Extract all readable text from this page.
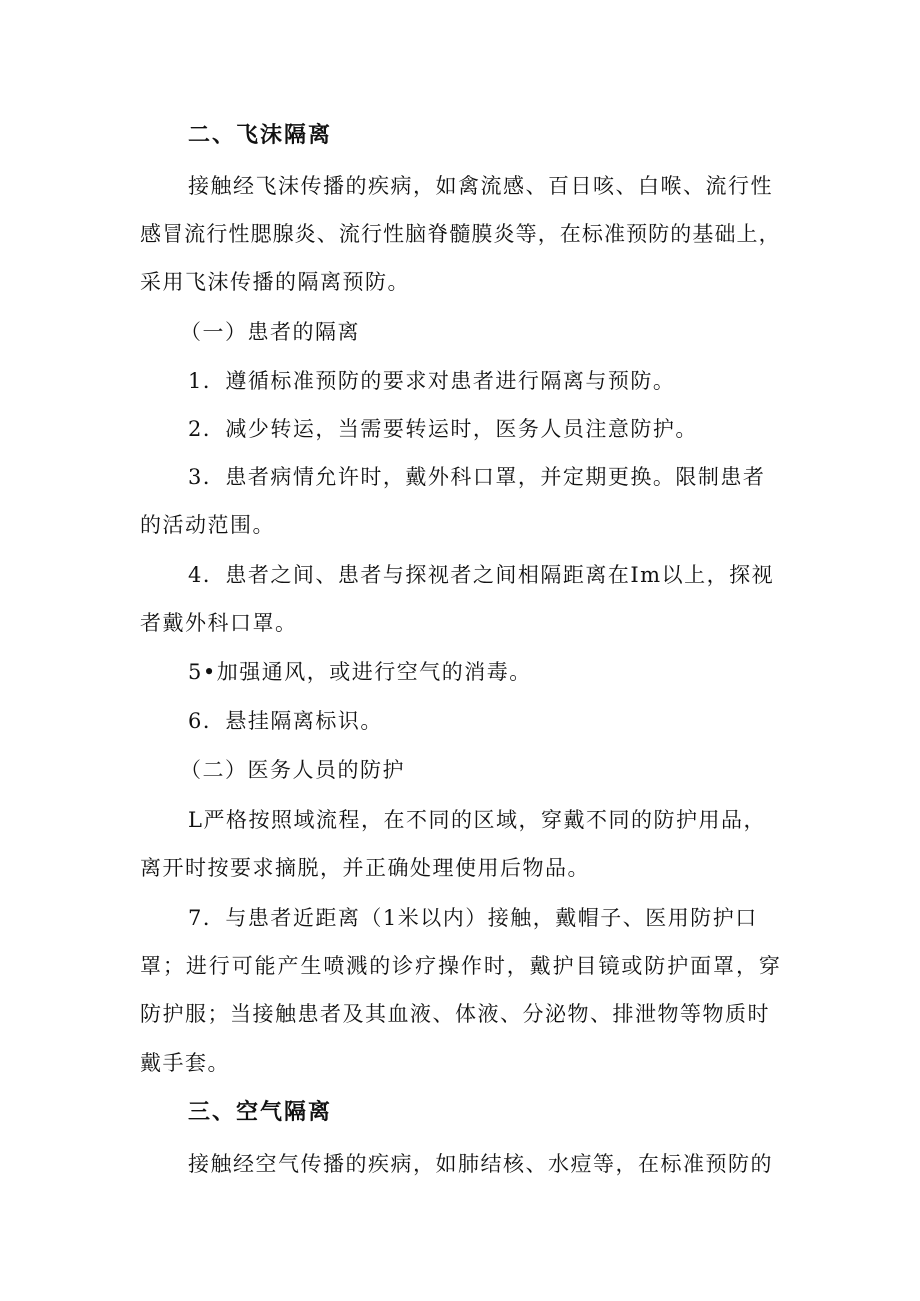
二、飞沫隔离
接触经飞沫传播的疾病，如禽流感、百日咳、白喉、流行性
感 冒 流 行 性 腮 腺 炎 、 流 行 性 脑 脊 髓 膜 炎 等 ， 在 标 准 预 防 的 基 础 上 ，
采用飞沫传播的隔离预防。
（一）患者的隔离
1．遵循标准预防的要求对患者进行隔离与预防。
2．减少转运，当需要转运时，医务人员注意防护。
3．患者病情允许时，戴外科口罩，并定期更换。限制患者
的活动范围。
4．患者之间、患者与探视者之间相隔距离在Im以上，探视
者戴外科口罩。
5•加强通风，或进行空气的消毒。
6．悬挂隔离标识。
（二）医务人员的防护
L严格按照域流程，在不同的区域，穿戴不同的防护用品，
离开时按要求摘脱，并正确处理使用后物品。
7．与患者近距离（1米以内）接触，戴帽子、医用防护口
罩 ； 进 行 可 能 产 生 喷 溅 的 诊 疗 操 作 时 ， 戴 护 目 镜 或 防 护 面 罩 ， 穿
防护服；当接触患者及其血液、体液、分泌物、排泄物等物质时
戴手套。
三、空气隔离
接触经空气传播的疾病，如肺结核、水痘等，在标准预防的
